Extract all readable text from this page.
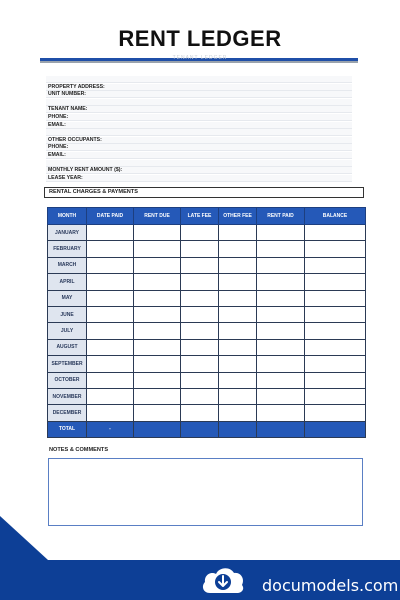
RENT LEDGER
TENANT LEDGER
PROPERTY ADDRESS:
UNIT NUMBER:
TENANT NAME:
PHONE:
EMAIL:
OTHER OCCUPANTS:
PHONE:
EMAIL:
MONTHLY RENT AMOUNT ($):
LEASE YEAR:
RENTAL CHARGES & PAYMENTS
MONTH	DATE PAID	RENT DUE	LATE FEE	OTHER FEE	RENT PAID	BALANCE
JANUARY						
FEBRUARY						
MARCH						
APRIL						
MAY						
JUNE						
JULY						
AUGUST						
SEPTEMBER						
OCTOBER						
NOVEMBER						
DECEMBER						
TOTAL	-					
NOTES & COMMENTS
documodels.com
